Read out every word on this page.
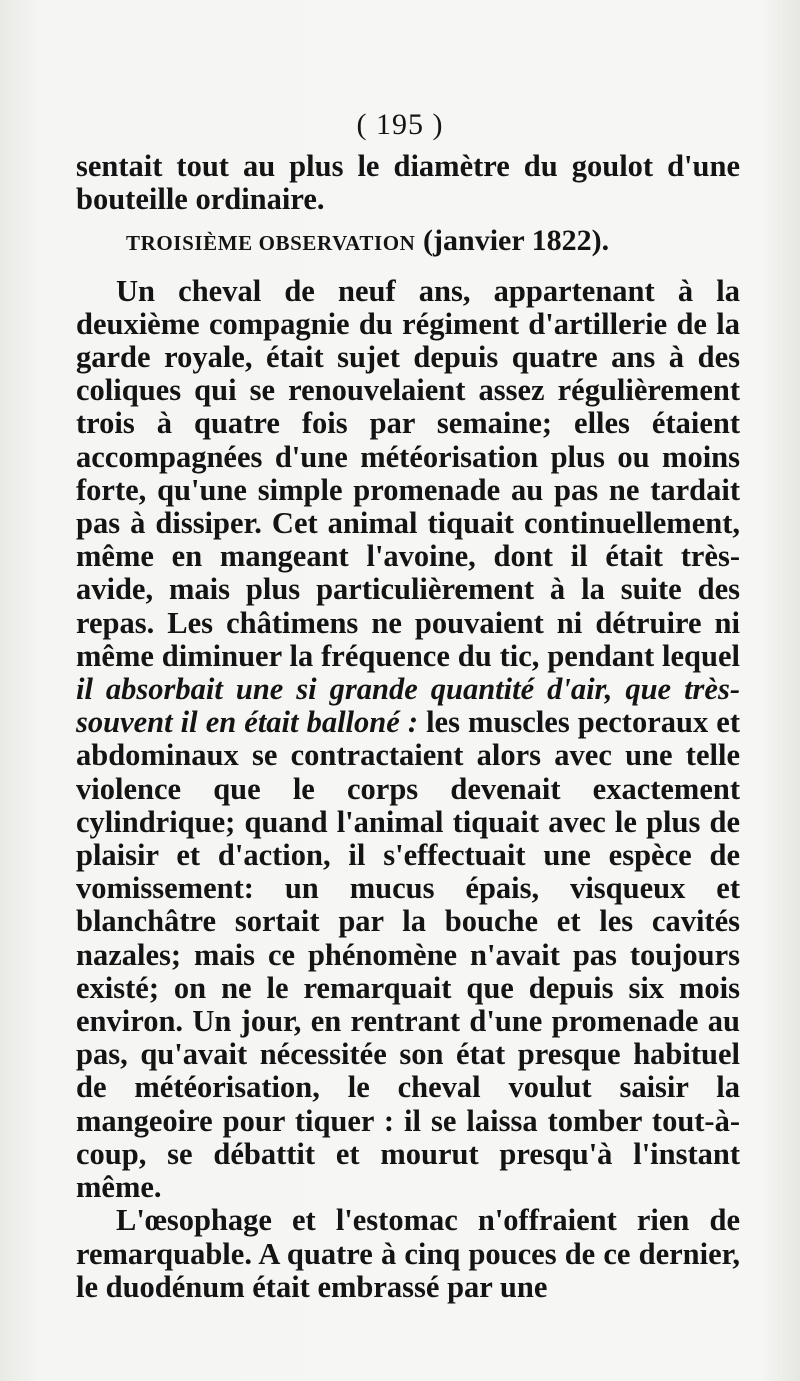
( 195 )

sentait tout au plus le diamètre du goulot d'une bouteille ordinaire.

TROISIÈME OBSERVATION (janvier 1822).

Un cheval de neuf ans, appartenant à la deuxième compagnie du régiment d'artillerie de la garde royale, était sujet depuis quatre ans à des coliques qui se renouvelaient assez régulièrement trois à quatre fois par semaine; elles étaient accompagnées d'une météorisation plus ou moins forte, qu'une simple promenade au pas ne tardait pas à dissiper. Cet animal tiquait continuellement, même en mangeant l'avoine, dont il était très-avide, mais plus particulièrement à la suite des repas. Les châtimens ne pouvaient ni détruire ni même diminuer la fréquence du tic, pendant lequel il absorbait une si grande quantité d'air, que très-souvent il en était balloné : les muscles pectoraux et abdominaux se contractaient alors avec une telle violence que le corps devenait exactement cylindrique; quand l'animal tiquait avec le plus de plaisir et d'action, il s'effectuait une espèce de vomissement: un mucus épais, visqueux et blanchâtre sortait par la bouche et les cavités nazales; mais ce phénomène n'avait pas toujours existé; on ne le remarquait que depuis six mois environ. Un jour, en rentrant d'une promenade au pas, qu'avait nécessitée son état presque habituel de météorisation, le cheval voulut saisir la mangeoire pour tiquer : il se laissa tomber tout-à-coup, se débattit et mourut presqu'à l'instant même.

L'œsophage et l'estomac n'offraient rien de remarquable. A quatre à cinq pouces de ce dernier, le duodénum était embrassé par une
